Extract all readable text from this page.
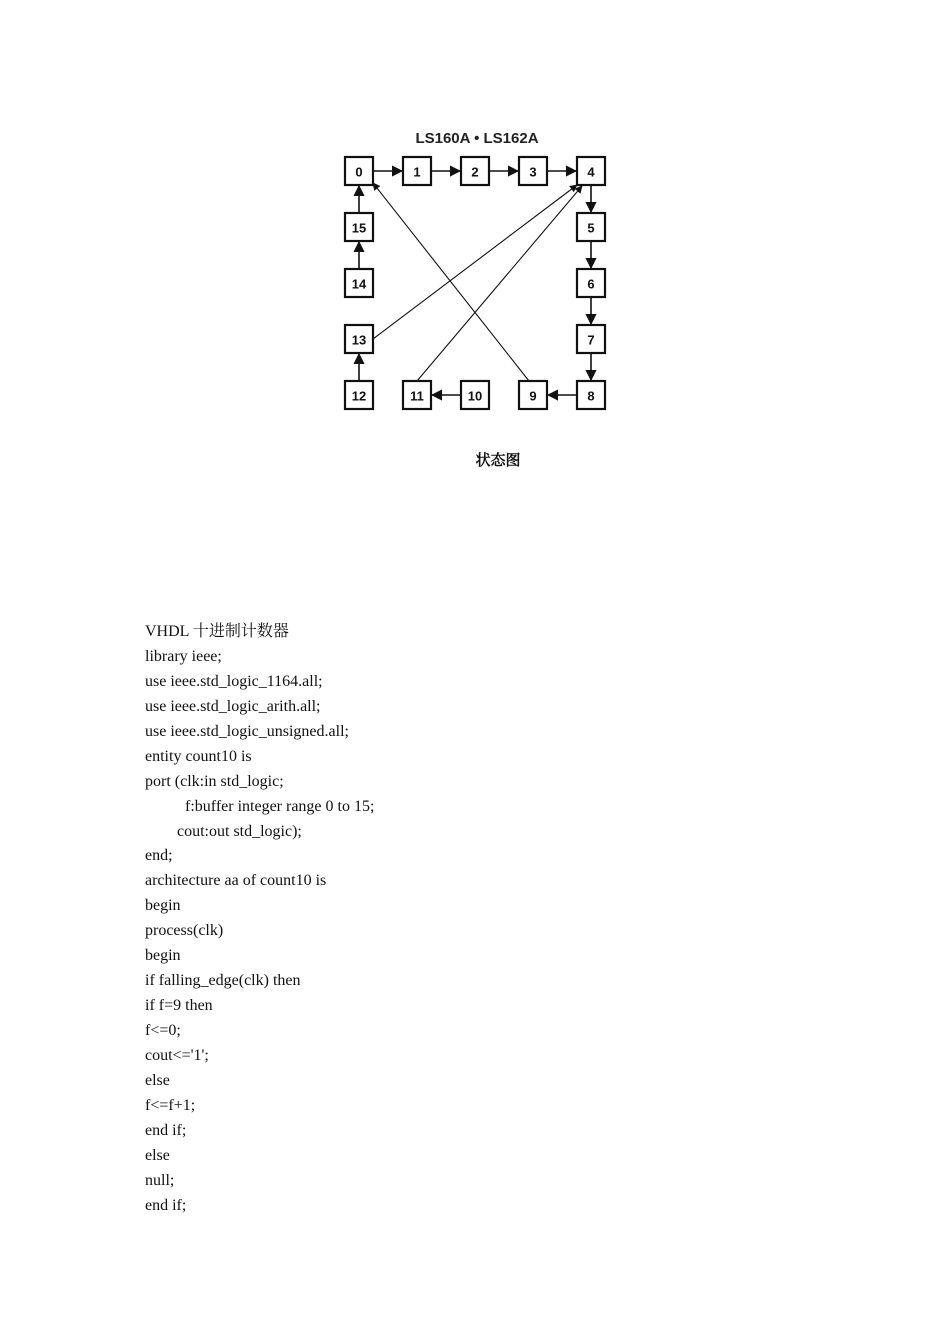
LS160A • LS162A
0	1	2	3	4
5
6
7
8
9
10
11
12
13
14
15
状态图
VHDL 十进制计数器
library ieee;
use ieee.std_logic_1164.all;
use ieee.std_logic_arith.all;
use ieee.std_logic_unsigned.all;
entity count10 is
port (clk:in std_logic;
f:buffer integer range 0 to 15;
cout:out std_logic);
end;
architecture aa of count10 is
begin
process(clk)
begin
if falling_edge(clk) then
if f=9 then
f<=0;
cout<='1';
else
f<=f+1;
end if;
else
null;
end if;
